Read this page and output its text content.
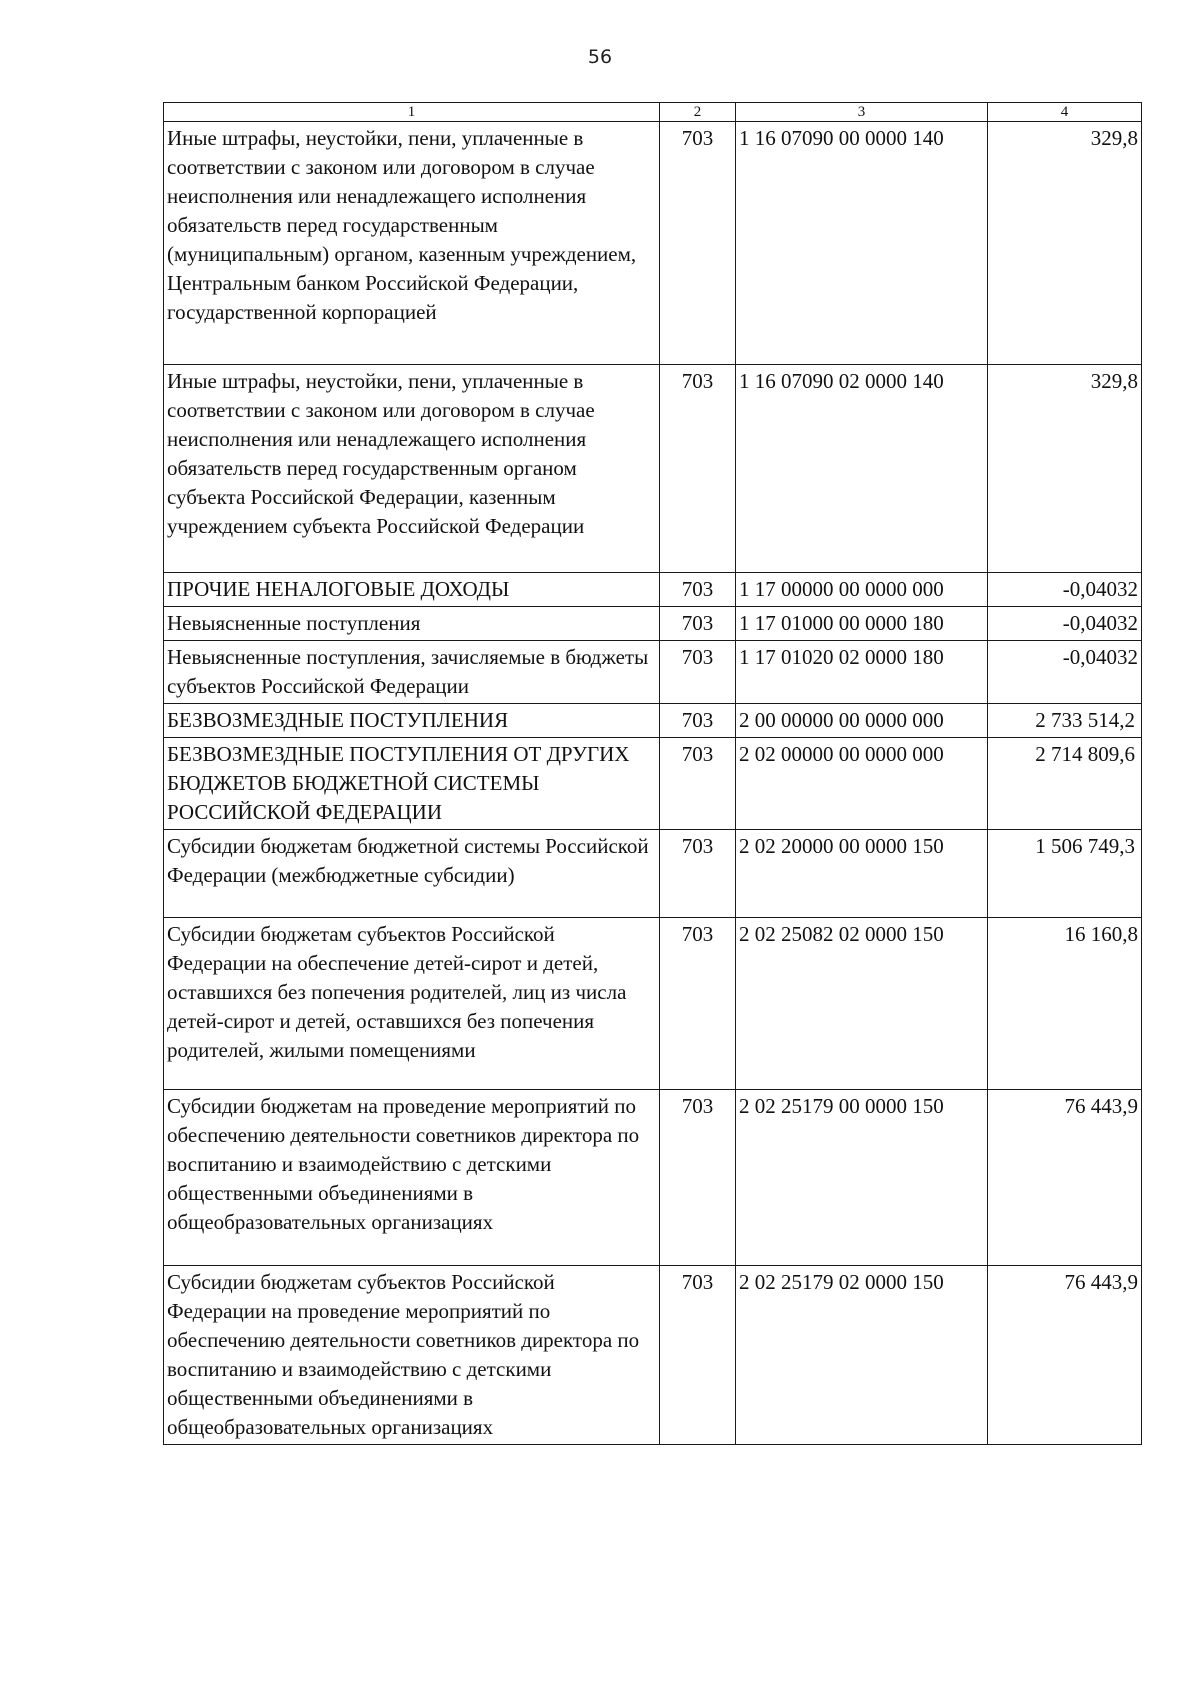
56
1	2	3	4
Иные штрафы, неустойки, пени, уплаченные в соответствии с законом или договором в случае неисполнения или ненадлежащего исполнения обязательств перед государственным (муниципальным) органом, казенным учреждением, Центральным банком Российской Федерации, государственной корпорацией	703	1 16 07090 00 0000 140	329,8
Иные штрафы, неустойки, пени, уплаченные в соответствии с законом или договором в случае неисполнения или ненадлежащего исполнения обязательств перед государственным органом субъекта Российской Федерации, казенным учреждением субъекта Российской Федерации	703	1 16 07090 02 0000 140	329,8
ПРОЧИЕ НЕНАЛОГОВЫЕ ДОХОДЫ	703	1 17 00000 00 0000 000	-0,04032
Невыясненные поступления	703	1 17 01000 00 0000 180	-0,04032
Невыясненные поступления, зачисляемые в бюджеты субъектов Российской Федерации	703	1 17 01020 02 0000 180	-0,04032
БЕЗВОЗМЕЗДНЫЕ ПОСТУПЛЕНИЯ	703	2 00 00000 00 0000 000	2 733 514,2
БЕЗВОЗМЕЗДНЫЕ ПОСТУПЛЕНИЯ ОТ ДРУГИХ БЮДЖЕТОВ БЮДЖЕТНОЙ СИСТЕМЫ РОССИЙСКОЙ ФЕДЕРАЦИИ	703	2 02 00000 00 0000 000	2 714 809,6
Субсидии бюджетам бюджетной системы Российской Федерации (межбюджетные субсидии)	703	2 02 20000 00 0000 150	1 506 749,3
Субсидии бюджетам субъектов Российской Федерации на обеспечение детей-сирот и детей, оставшихся без попечения родителей, лиц из числа детей-сирот и детей, оставшихся без попечения родителей, жилыми помещениями	703	2 02 25082 02 0000 150	16 160,8
Субсидии бюджетам на проведение мероприятий по обеспечению деятельности советников директора по воспитанию и взаимодействию с детскими общественными объединениями в общеобразовательных организациях	703	2 02 25179 00 0000 150	76 443,9
Субсидии бюджетам субъектов Российской Федерации на проведение мероприятий по обеспечению деятельности советников директора по воспитанию и взаимодействию с детскими общественными объединениями в общеобразовательных организациях	703	2 02 25179 02 0000 150	76 443,9
